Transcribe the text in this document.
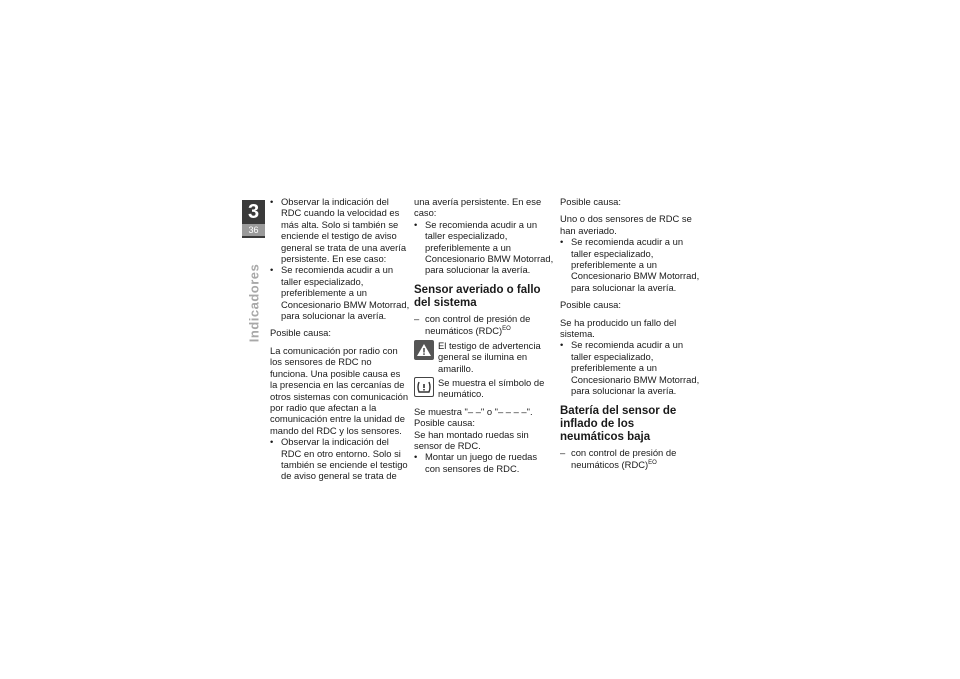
3
36
Indicadores

• Observar la indicación del RDC cuando la velocidad es más alta. Solo si también se enciende el testigo de aviso general se trata de una avería persistente. En ese caso:

• Se recomienda acudir a un taller especializado, preferiblemente a un Concesionario BMW Motorrad, para solucionar la avería.

Posible causa:

La comunicación por radio con los sensores de RDC no funciona. Una posible causa es la presencia en las cercanías de otros sistemas con comunicación por radio que afectan a la comunicación entre la unidad de mando del RDC y los sensores.

• Observar la indicación del RDC en otro entorno. Solo si también se enciende el testigo de aviso general se trata de

una avería persistente. En ese caso:

• Se recomienda acudir a un taller especializado, preferiblemente a un Concesionario BMW Motorrad, para solucionar la avería.

Sensor averiado o fallo del sistema

– con control de presión de neumáticos (RDC)$^{EO}$

El testigo de advertencia general se ilumina en amarillo.

Se muestra el símbolo de neumático.

Se muestra "– –" o "– – – –".

Posible causa:

Se han montado ruedas sin sensor de RDC.

• Montar un juego de ruedas con sensores de RDC.

Posible causa:

Uno o dos sensores de RDC se han averiado.

• Se recomienda acudir a un taller especializado, preferiblemente a un Concesionario BMW Motorrad, para solucionar la avería.

Posible causa:

Se ha producido un fallo del sistema.

• Se recomienda acudir a un taller especializado, preferiblemente a un Concesionario BMW Motorrad, para solucionar la avería.

Batería del sensor de inflado de los neumáticos baja

– con control de presión de neumáticos (RDC)$^{EO}$
